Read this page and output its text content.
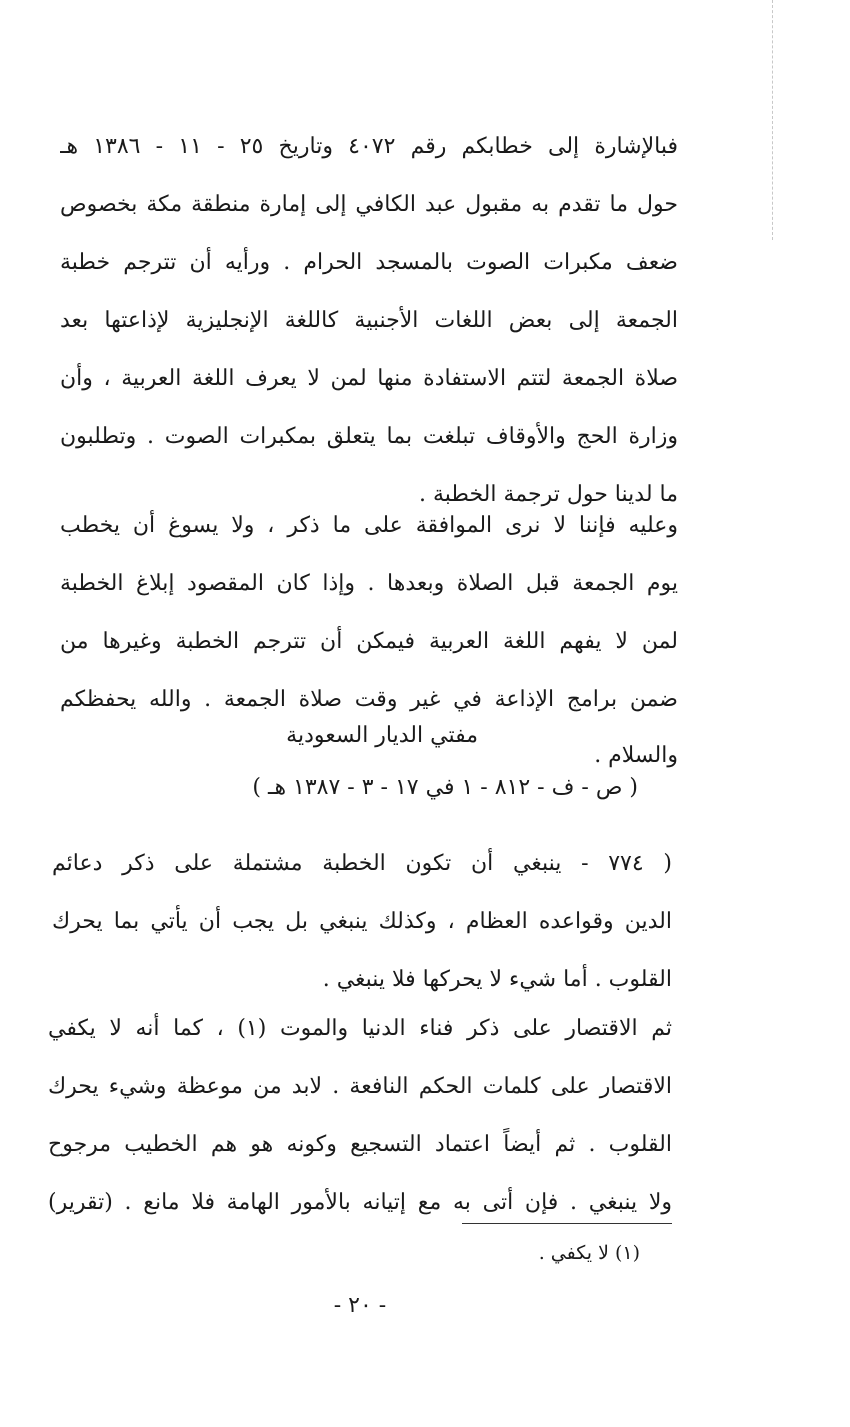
فبالإشارة إلى خطابكم رقم ٤٠٧٢ وتاريخ ٢٥ - ١١ - ١٣٨٦ هـ
حول ما تقدم به مقبول عبد الكافي إلى إمارة منطقة مكة بخصوص
ضعف مكبرات الصوت بالمسجد الحرام . ورأيه أن تترجم خطبة
الجمعة إلى بعض اللغات الأجنبية كاللغة الإنجليزية لإذاعتها بعد
صلاة الجمعة لتتم الاستفادة منها لمن لا يعرف اللغة العربية ، وأن
وزارة الحج والأوقاف تبلغت بما يتعلق بمكبرات الصوت . وتطلبون
ما لدينا حول ترجمة الخطبة .
وعليه فإننا لا نرى الموافقة على ما ذكر ، ولا يسوغ أن يخطب
يوم الجمعة قبل الصلاة وبعدها . وإذا كان المقصود إبلاغ الخطبة
لمن لا يفهم اللغة العربية فيمكن أن تترجم الخطبة وغيرها من
ضمن برامج الإذاعة في غير وقت صلاة الجمعة . والله يحفظكم
والسلام .
مفتي الديار السعودية
( ص - ف - ٨١٢ - ١ في ١٧ - ٣ - ١٣٨٧ هـ )
( ٧٧٤ - ينبغي أن تكون الخطبة مشتملة على ذكر دعائم
الدين وقواعده العظام ، وكذلك ينبغي بل يجب أن يأتي بما يحرك
القلوب . أما شيء لا يحركها فلا ينبغي .
ثم الاقتصار على ذكر فناء الدنيا والموت (١) ، كما أنه لا يكفي
الاقتصار على كلمات الحكم النافعة . لابد من موعظة وشيء يحرك
القلوب . ثم أيضاً اعتماد التسجيع وكونه هو هم الخطيب مرجوح
ولا ينبغي . فإن أتى به مع إتيانه بالأمور الهامة فلا مانع . (تقرير)
(١) لا يكفي .
- ٢٠ -
